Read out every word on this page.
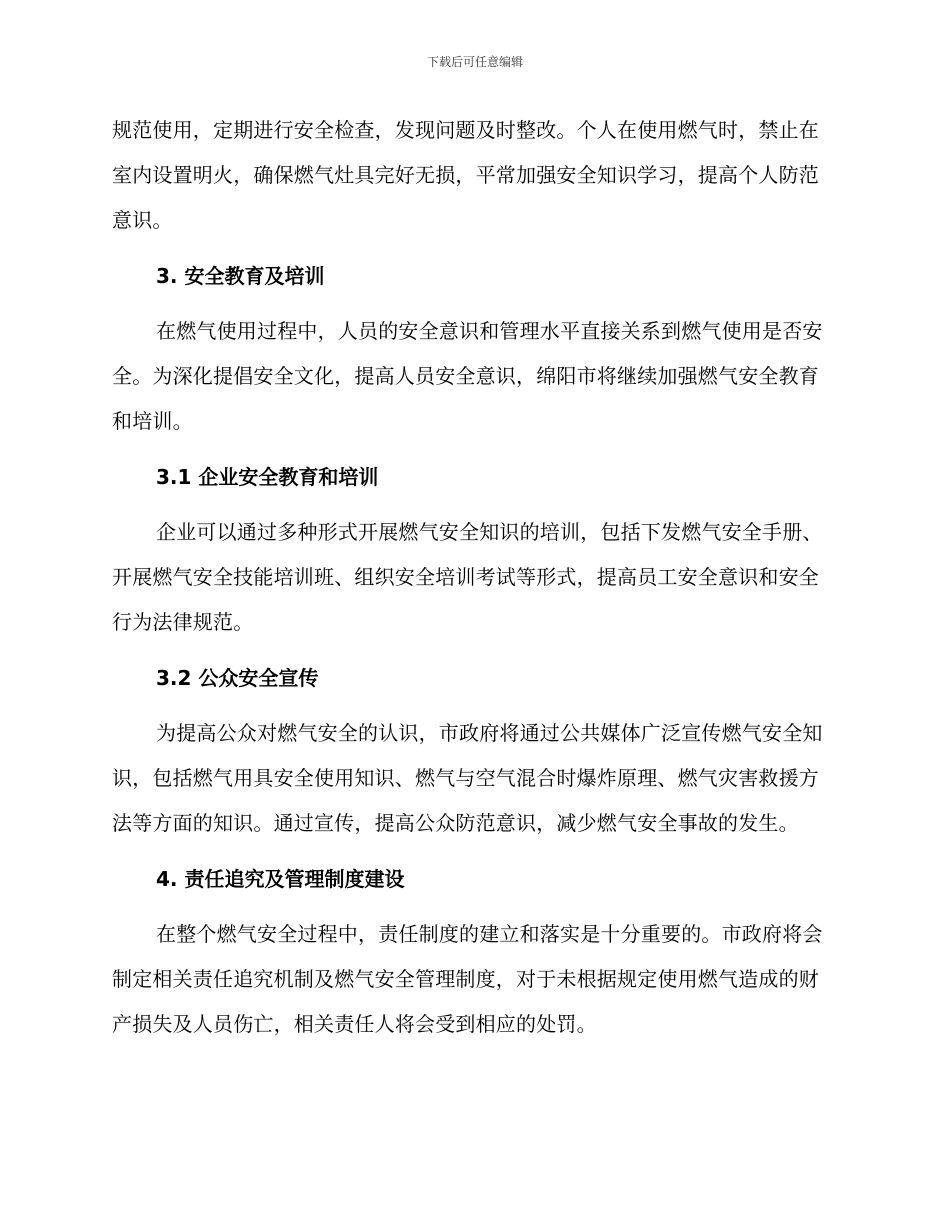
下载后可任意编辑

规范使用，定期进行安全检查，发现问题及时整改。个人在使用燃气时，禁止在室内设置明火，确保燃气灶具完好无损，平常加强安全知识学习，提高个人防范意识。

3. 安全教育及培训

在燃气使用过程中，人员的安全意识和管理水平直接关系到燃气使用是否安全。为深化提倡安全文化，提高人员安全意识，绵阳市将继续加强燃气安全教育和培训。

3.1 企业安全教育和培训

企业可以通过多种形式开展燃气安全知识的培训，包括下发燃气安全手册、开展燃气安全技能培训班、组织安全培训考试等形式，提高员工安全意识和安全行为法律规范。

3.2 公众安全宣传

为提高公众对燃气安全的认识，市政府将通过公共媒体广泛宣传燃气安全知识，包括燃气用具安全使用知识、燃气与空气混合时爆炸原理、燃气灾害救援方法等方面的知识。通过宣传，提高公众防范意识，减少燃气安全事故的发生。

4. 责任追究及管理制度建设

在整个燃气安全过程中，责任制度的建立和落实是十分重要的。市政府将会制定相关责任追究机制及燃气安全管理制度，对于未根据规定使用燃气造成的财产损失及人员伤亡，相关责任人将会受到相应的处罚。
